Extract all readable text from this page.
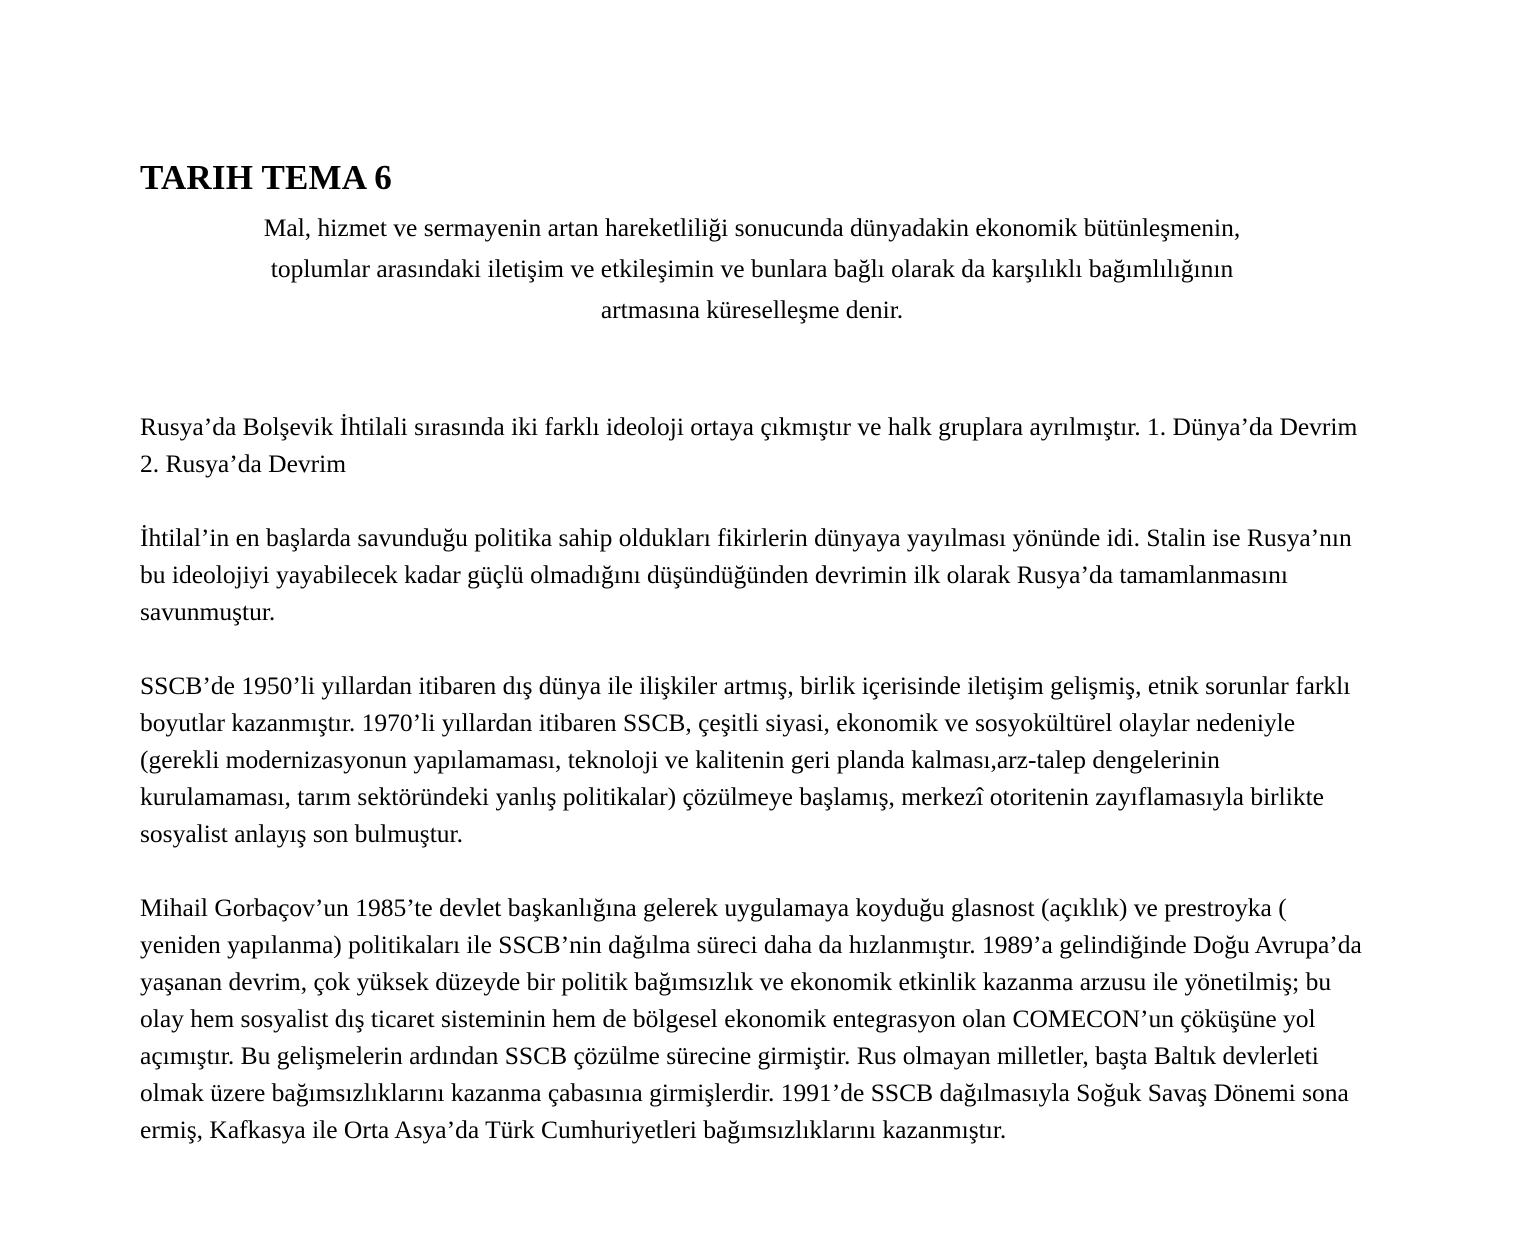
TARIH TEMA 6

Mal, hizmet ve sermayenin artan hareketliliği sonucunda dünyadakin ekonomik bütünleşmenin,

toplumlar arasındaki iletişim ve etkileşimin ve bunlara bağlı olarak da karşılıklı bağımlılığının

artmasına küreselleşme denir.

Rusya’da Bolşevik İhtilali sırasında iki farklı ideoloji ortaya çıkmıştır ve halk gruplara ayrılmıştır. 1. Dünya’da Devrim 2. Rusya’da Devrim

İhtilal’in en başlarda savunduğu politika sahip oldukları fikirlerin dünyaya yayılması yönünde idi. Stalin ise Rusya’nın bu ideolojiyi yayabilecek kadar güçlü olmadığını düşündüğünden devrimin ilk olarak Rusya’da tamamlanmasını savunmuştur.

SSCB’de 1950’li yıllardan itibaren dış dünya ile ilişkiler artmış, birlik içerisinde iletişim gelişmiş, etnik sorunlar farklı boyutlar kazanmıştır. 1970’li yıllardan itibaren SSCB, çeşitli siyasi, ekonomik ve sosyokültürel olaylar nedeniyle (gerekli modernizasyonun yapılamaması, teknoloji ve kalitenin geri planda kalması,arz-talep dengelerinin kurulamaması, tarım sektöründeki yanlış politikalar) çözülmeye başlamış, merkezî otoritenin zayıflamasıyla birlikte sosyalist anlayış son bulmuştur.

Mihail Gorbaçov’un 1985’te devlet başkanlığına gelerek uygulamaya koyduğu glasnost (açıklık) ve prestroyka ( yeniden yapılanma) politikaları ile SSCB’nin dağılma süreci daha da hızlanmıştır. 1989’a gelindiğinde Doğu Avrupa’da yaşanan devrim, çok yüksek düzeyde bir politik bağımsızlık ve ekonomik etkinlik kazanma arzusu ile yönetilmiş; bu olay hem sosyalist dış ticaret sisteminin hem de bölgesel ekonomik entegrasyon olan COMECON’un çöküşüne yol açımıştır. Bu gelişmelerin ardından SSCB çözülme sürecine girmiştir. Rus olmayan milletler, başta Baltık devlerleti olmak üzere bağımsızlıklarını kazanma çabasınıa girmişlerdir. 1991’de SSCB dağılmasıyla Soğuk Savaş Dönemi sona ermiş, Kafkasya ile Orta Asya’da Türk Cumhuriyetleri bağımsızlıklarını kazanmıştır.
